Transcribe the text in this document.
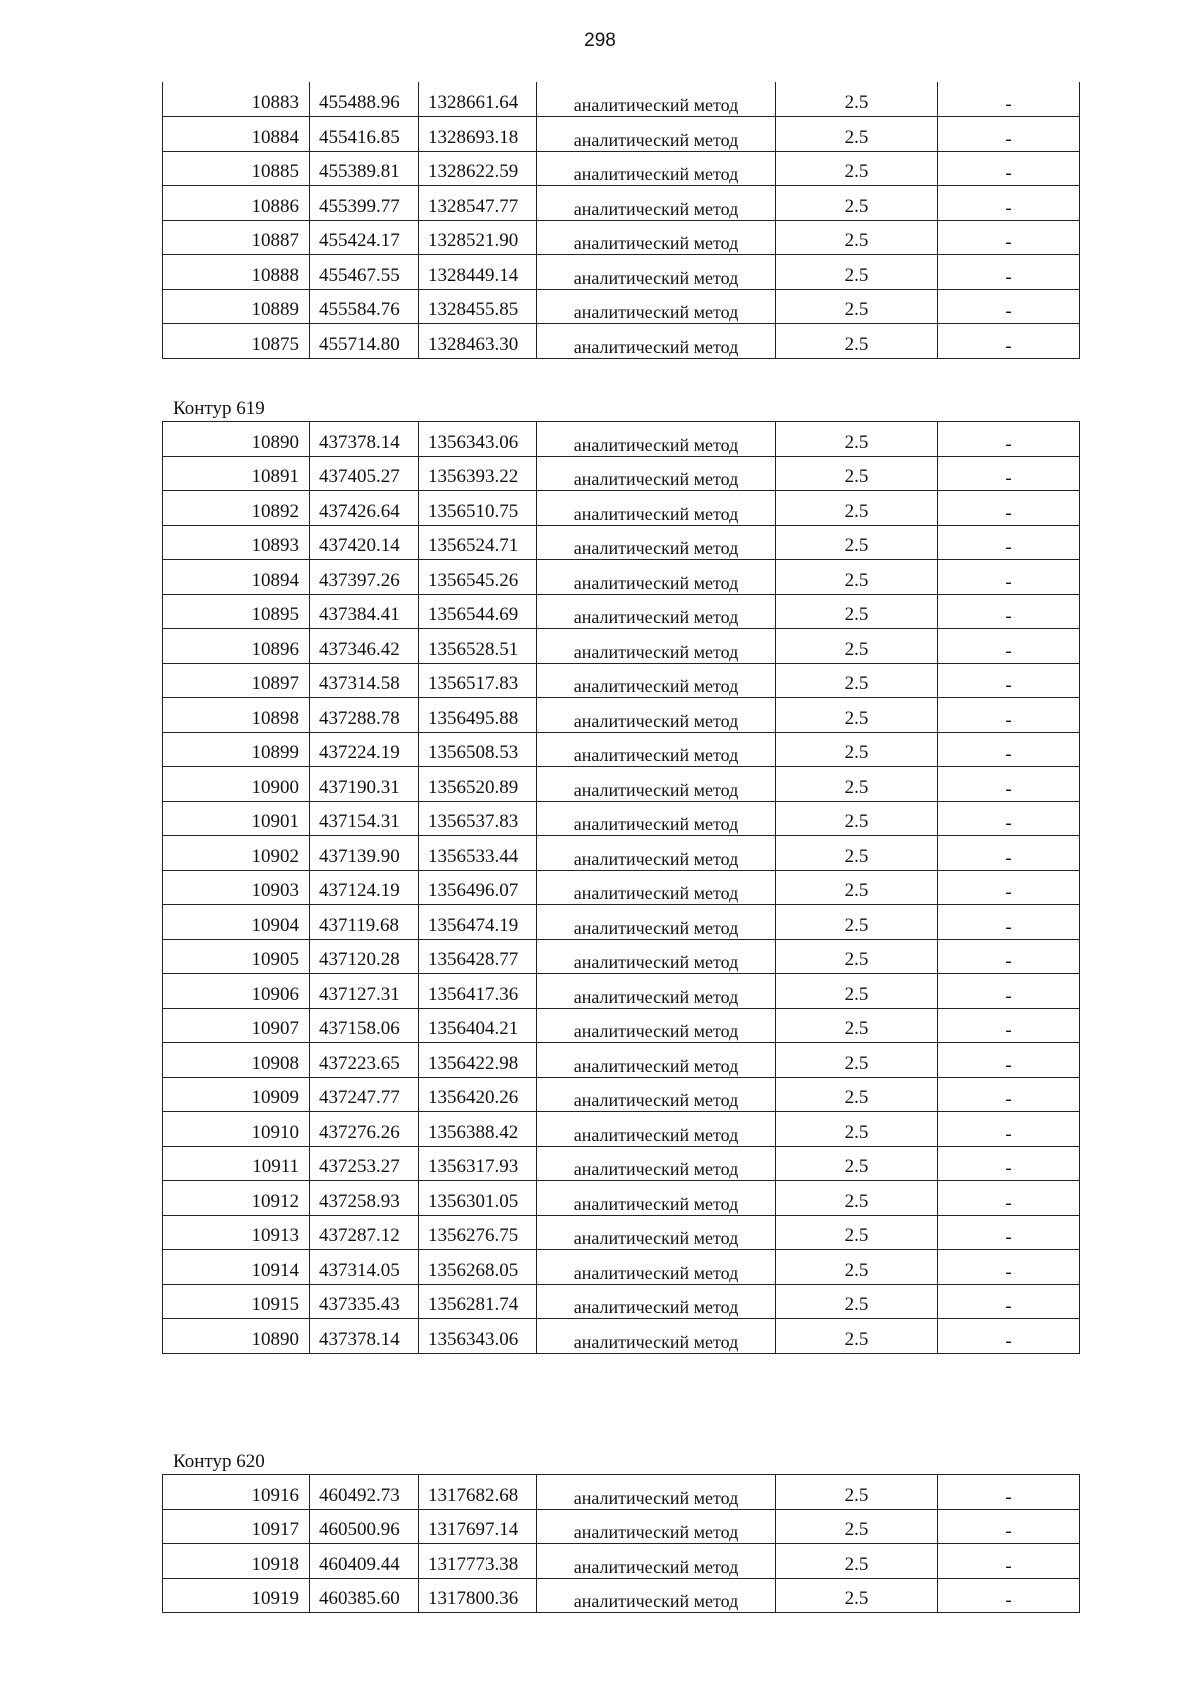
298
10883	455488.96	1328661.64	аналитический метод	2.5	-
10884	455416.85	1328693.18	аналитический метод	2.5	-
10885	455389.81	1328622.59	аналитический метод	2.5	-
10886	455399.77	1328547.77	аналитический метод	2.5	-
10887	455424.17	1328521.90	аналитический метод	2.5	-
10888	455467.55	1328449.14	аналитический метод	2.5	-
10889	455584.76	1328455.85	аналитический метод	2.5	-
10875	455714.80	1328463.30	аналитический метод	2.5	-
Контур 619
10890	437378.14	1356343.06	аналитический метод	2.5	-
10891	437405.27	1356393.22	аналитический метод	2.5	-
10892	437426.64	1356510.75	аналитический метод	2.5	-
10893	437420.14	1356524.71	аналитический метод	2.5	-
10894	437397.26	1356545.26	аналитический метод	2.5	-
10895	437384.41	1356544.69	аналитический метод	2.5	-
10896	437346.42	1356528.51	аналитический метод	2.5	-
10897	437314.58	1356517.83	аналитический метод	2.5	-
10898	437288.78	1356495.88	аналитический метод	2.5	-
10899	437224.19	1356508.53	аналитический метод	2.5	-
10900	437190.31	1356520.89	аналитический метод	2.5	-
10901	437154.31	1356537.83	аналитический метод	2.5	-
10902	437139.90	1356533.44	аналитический метод	2.5	-
10903	437124.19	1356496.07	аналитический метод	2.5	-
10904	437119.68	1356474.19	аналитический метод	2.5	-
10905	437120.28	1356428.77	аналитический метод	2.5	-
10906	437127.31	1356417.36	аналитический метод	2.5	-
10907	437158.06	1356404.21	аналитический метод	2.5	-
10908	437223.65	1356422.98	аналитический метод	2.5	-
10909	437247.77	1356420.26	аналитический метод	2.5	-
10910	437276.26	1356388.42	аналитический метод	2.5	-
10911	437253.27	1356317.93	аналитический метод	2.5	-
10912	437258.93	1356301.05	аналитический метод	2.5	-
10913	437287.12	1356276.75	аналитический метод	2.5	-
10914	437314.05	1356268.05	аналитический метод	2.5	-
10915	437335.43	1356281.74	аналитический метод	2.5	-
10890	437378.14	1356343.06	аналитический метод	2.5	-
Контур 620
10916	460492.73	1317682.68	аналитический метод	2.5	-
10917	460500.96	1317697.14	аналитический метод	2.5	-
10918	460409.44	1317773.38	аналитический метод	2.5	-
10919	460385.60	1317800.36	аналитический метод	2.5	-
